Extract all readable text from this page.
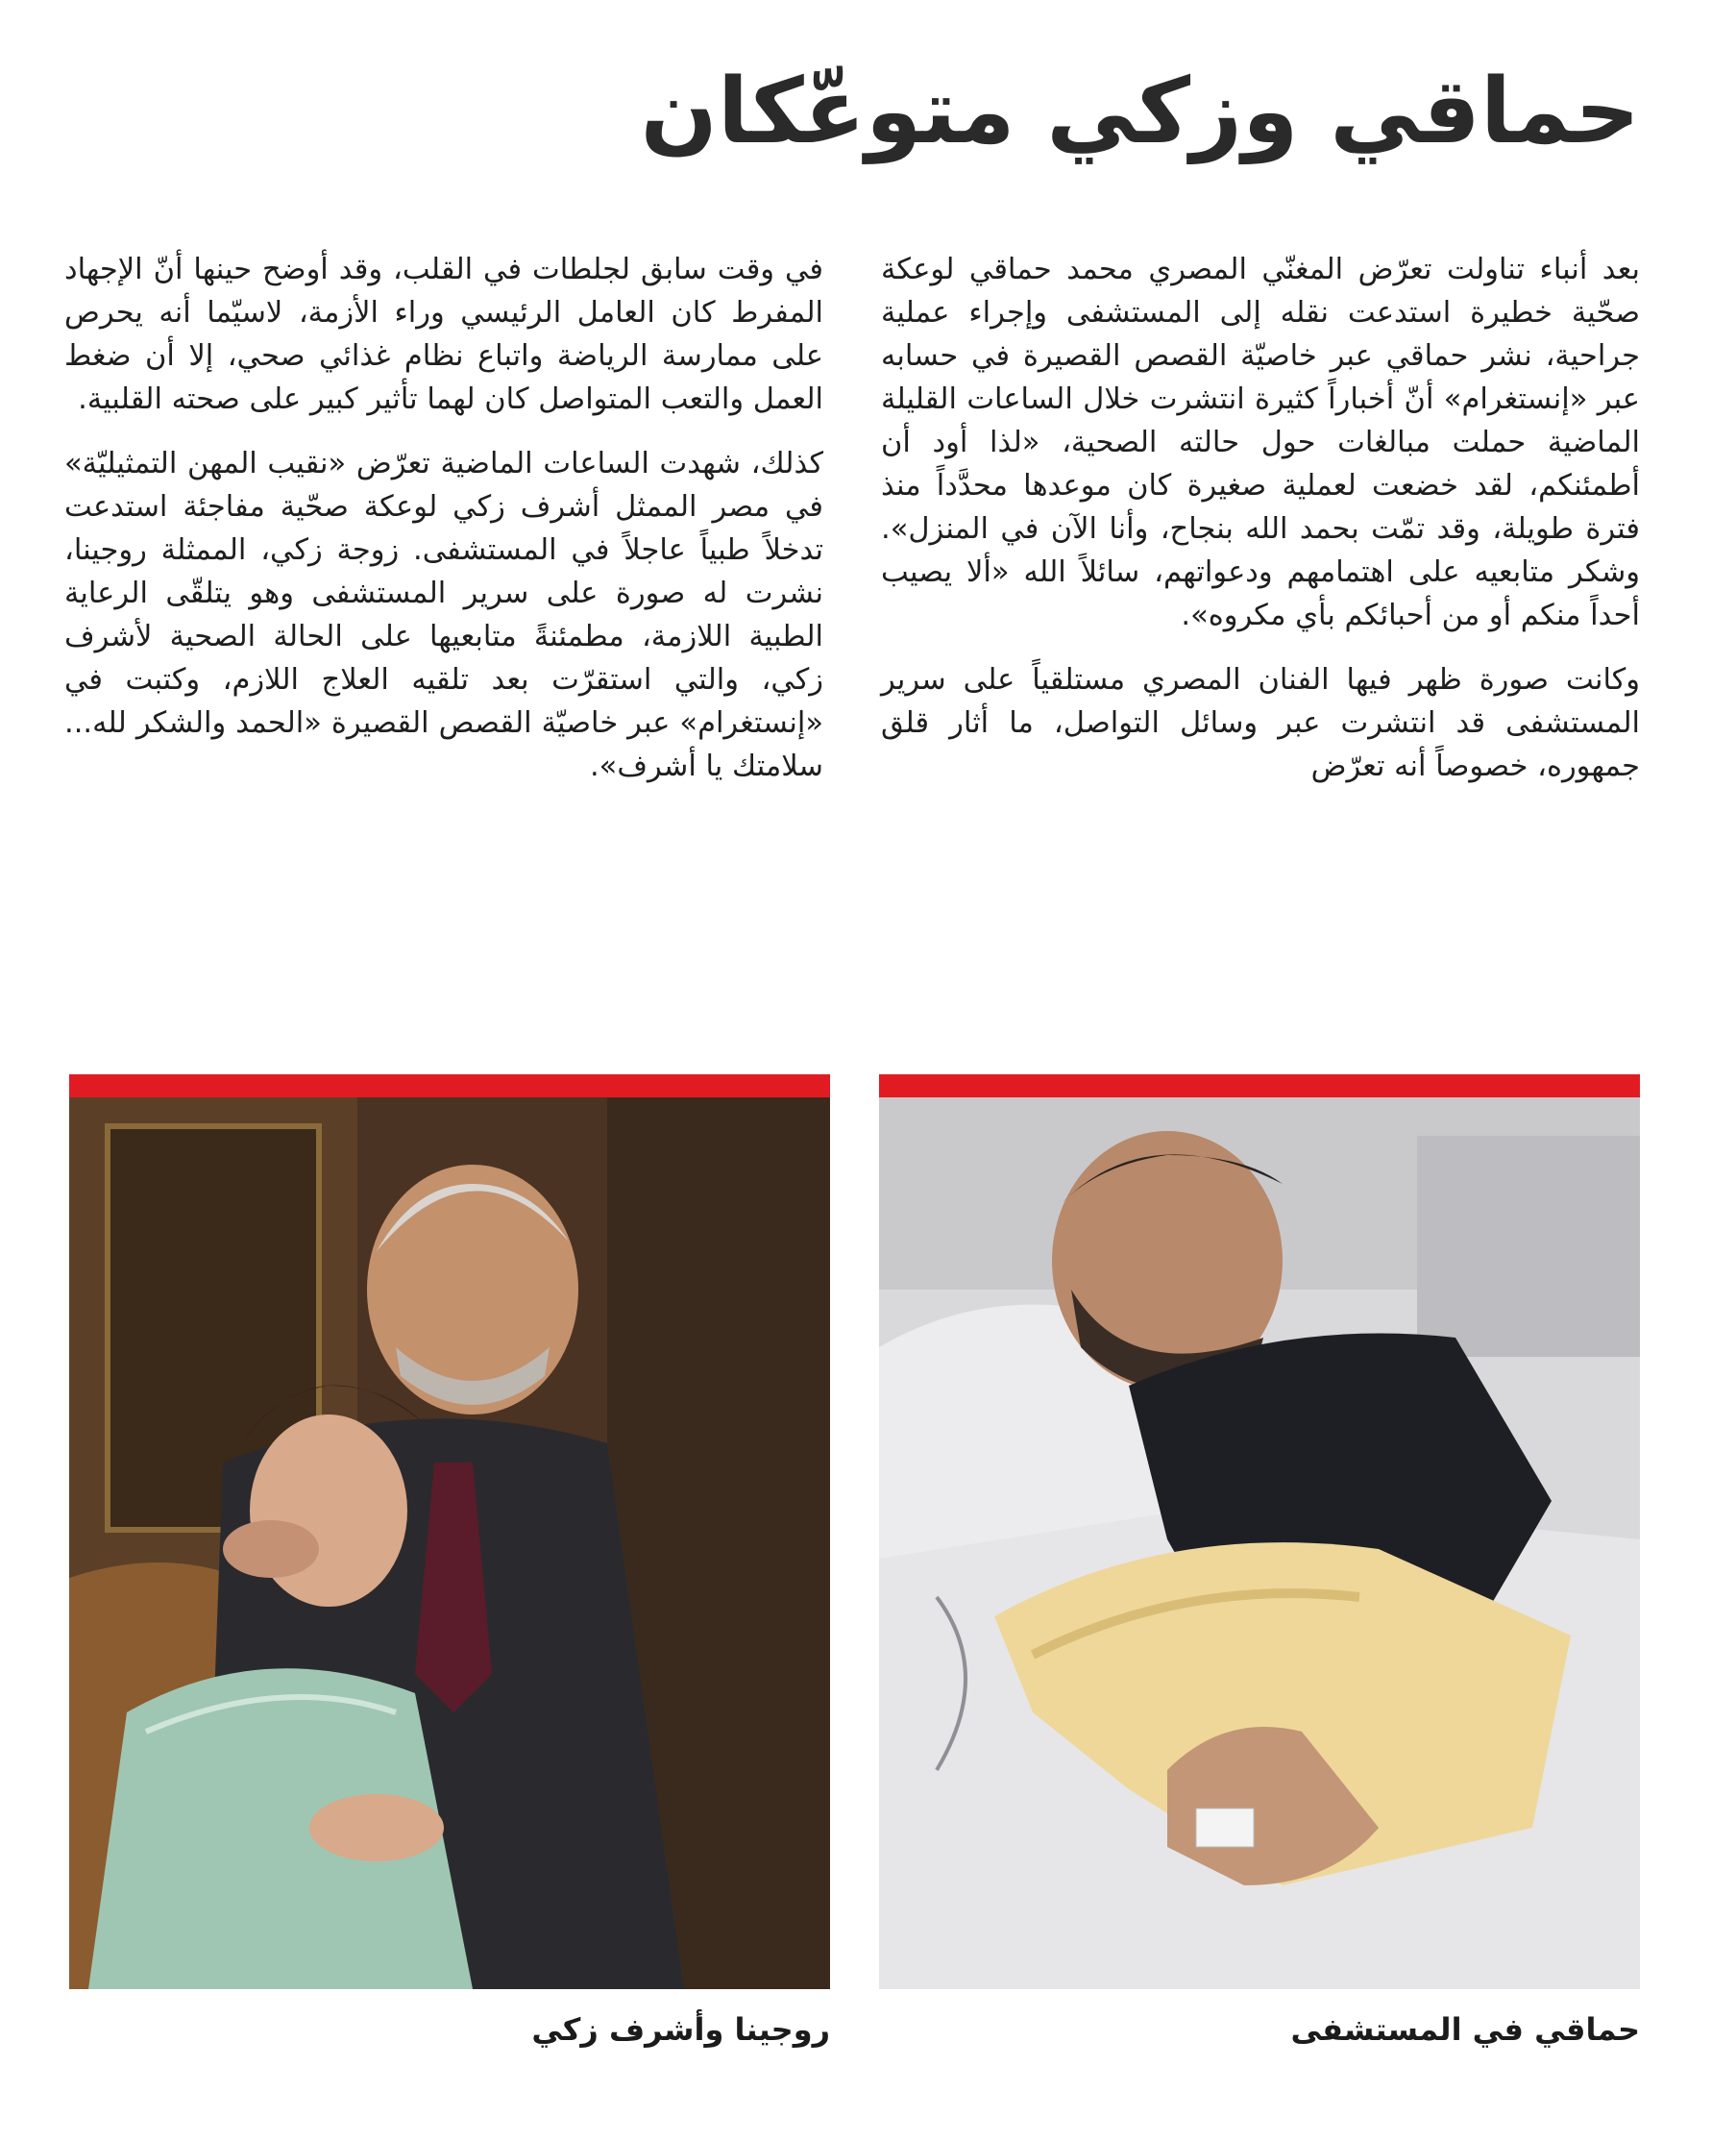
حماقي وزكي متوعّكان

بعد أنباء تناولت تعرّض المغنّي المصري محمد حماقي لوعكة صحّية خطيرة استدعت نقله إلى المستشفى وإجراء عملية جراحية، نشر حماقي عبر خاصيّة القصص القصيرة في حسابه عبر «إنستغرام» أنّ أخباراً كثيرة انتشرت خلال الساعات القليلة الماضية حملت مبالغات حول حالته الصحية، «لذا أود أن أطمئنكم، لقد خضعت لعملية صغيرة كان موعدها محدَّداً منذ فترة طويلة، وقد تمّت بحمد الله بنجاح، وأنا الآن في المنزل». وشكر متابعيه على اهتمامهم ودعواتهم، سائلاً الله «ألا يصيب أحداً منكم أو من أحبائكم بأي مكروه».

وكانت صورة ظهر فيها الفنان المصري مستلقياً على سرير المستشفى قد انتشرت عبر وسائل التواصل، ما أثار قلق جمهوره، خصوصاً أنه تعرّض

في وقت سابق لجلطات في القلب، وقد أوضح حينها أنّ الإجهاد المفرط كان العامل الرئيسي وراء الأزمة، لاسيّما أنه يحرص على ممارسة الرياضة واتباع نظام غذائي صحي، إلا أن ضغط العمل والتعب المتواصل كان لهما تأثير كبير على صحته القلبية.

كذلك، شهدت الساعات الماضية تعرّض «نقيب المهن التمثيليّة» في مصر الممثل أشرف زكي لوعكة صحّية مفاجئة استدعت تدخلاً طبياً عاجلاً في المستشفى. زوجة زكي، الممثلة روجينا، نشرت له صورة على سرير المستشفى وهو يتلقّى الرعاية الطبية اللازمة، مطمئنةً متابعيها على الحالة الصحية لأشرف زكي، والتي استقرّت بعد تلقيه العلاج اللازم، وكتبت في «إنستغرام» عبر خاصيّة القصص القصيرة «الحمد والشكر لله... سلامتك يا أشرف».

حماقي في المستشفى
روجينا وأشرف زكي
